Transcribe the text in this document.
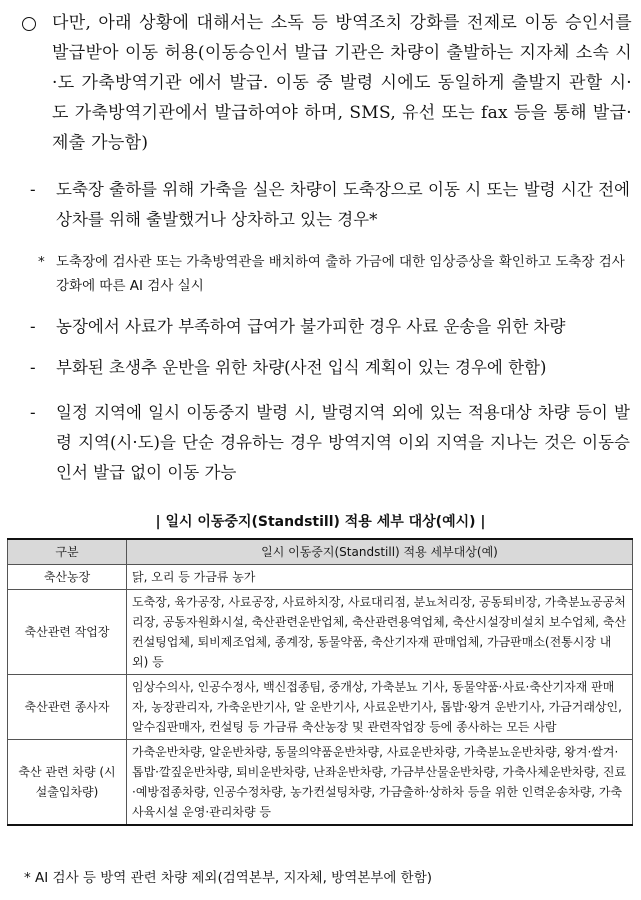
다만, 아래 상황에 대해서는 소독 등 방역조치 강화를 전제로 이동 승인서를 발급받아 이동 허용(이동승인서 발급 기관은 차량이 출발하는 지자체 소속 시·도 가축방역기관 에서 발급. 이동 중 발령 시에도 동일하게 출발지 관할 시·도 가축방역기관에서 발급하여야 하며, SMS, 유선 또는 fax 등을 통해 발급·제출 가능함)
- 도축장 출하를 위해 가축을 실은 차량이 도축장으로 이동 시 또는 발령 시간 전에 상차를 위해 출발했거나 상차하고 있는 경우*
* 도축장에 검사관 또는 가축방역관을 배치하여 출하 가금에 대한 임상증상을 확인하고 도축장 검사 강화에 따른 AI 검사 실시
- 농장에서 사료가 부족하여 급여가 불가피한 경우 사료 운송을 위한 차량
- 부화된 초생추 운반을 위한 차량(사전 입식 계획이 있는 경우에 한함)
- 일정 지역에 일시 이동중지 발령 시, 발령지역 외에 있는 적용대상 차량 등이 발령 지역(시·도)을 단순 경유하는 경우 방역지역 이외 지역을 지나는 것은 이동승인서 발급 없이 이동 가능
| 일시 이동중지(Standstill) 적용 세부 대상(예시) |
구분	일시 이동중지(Standstill) 적용 세부대상(예)
축산농장	닭, 오리 등 가금류 농가
축산관련 작업장	도축장, 육가공장, 사료공장, 사료하치장, 사료대리점, 분뇨처리장, 공동퇴비장, 가축분뇨공공처리장, 공동자원화시설, 축산관련운반업체, 축산관련용역업체, 축산시설장비설치 보수업체, 축산컨설팅업체, 퇴비제조업체, 종계장, 동물약품, 축산기자재 판매업체, 가금판매소(전통시장 내외) 등
축산관련 종사자	임상수의사, 인공수정사, 백신접종팀, 중개상, 가축분뇨 기사, 동물약품·사료·축산기자재 판매자, 농장관리자, 가축운반기사, 알 운반기사, 사료운반기사, 톱밥·왕겨 운반기사, 가금거래상인, 알수집판매자, 컨설팅 등 가금류 축산농장 및 관련작업장 등에 종사하는 모든 사람
축산 관련 차량 (시설출입차량)	가축운반차량, 알운반차량, 동물의약품운반차량, 사료운반차량, 가축분뇨운반차량, 왕겨·쌀겨·톱밥·깔짚운반차량, 퇴비운반차량, 난좌운반차량, 가금부산물운반차량, 가축사체운반차량, 진료·예방접종차량, 인공수정차량, 농가컨설팅차량, 가금출하·상하차 등을 위한 인력운송차량, 가축사육시설 운영·관리차량 등
* AI 검사 등 방역 관련 차량 제외(검역본부, 지자체, 방역본부에 한함)
